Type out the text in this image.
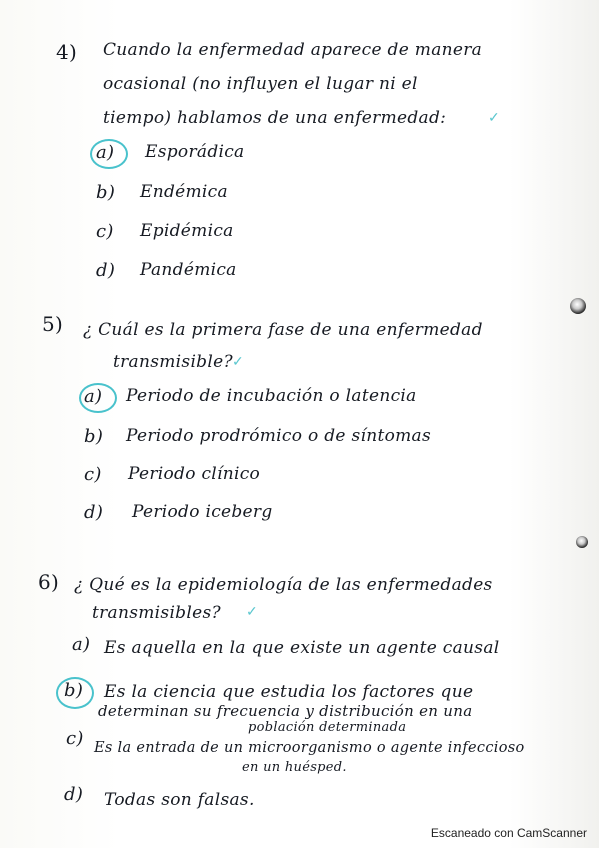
4) Cuando la enfermedad aparece de manera
ocasional (no influyen el lugar ni el
tiempo) hablamos de una enfermedad:	✓
a) Esporádica
b) Endémica
c) Epidémica
d) Pandémica
5) ¿ Cuál es la primera fase de una enfermedad
transmisible? ✓
a) Periodo de incubación o latencia
b) Periodo prodrómico o de síntomas
c) Periodo clínico
d) Periodo iceberg
6) ¿ Qué es la epidemiología de las enfermedades
transmisibles? ✓
a) Es aquella en la que existe un agente causal
b) Es la ciencia que estudia los factores que
determinan su frecuencia y distribución en una
población determinada
c) Es la entrada de un microorganismo o agente infeccioso
en un huésped.
d) Todas son falsas.
Escaneado con CamScanner
